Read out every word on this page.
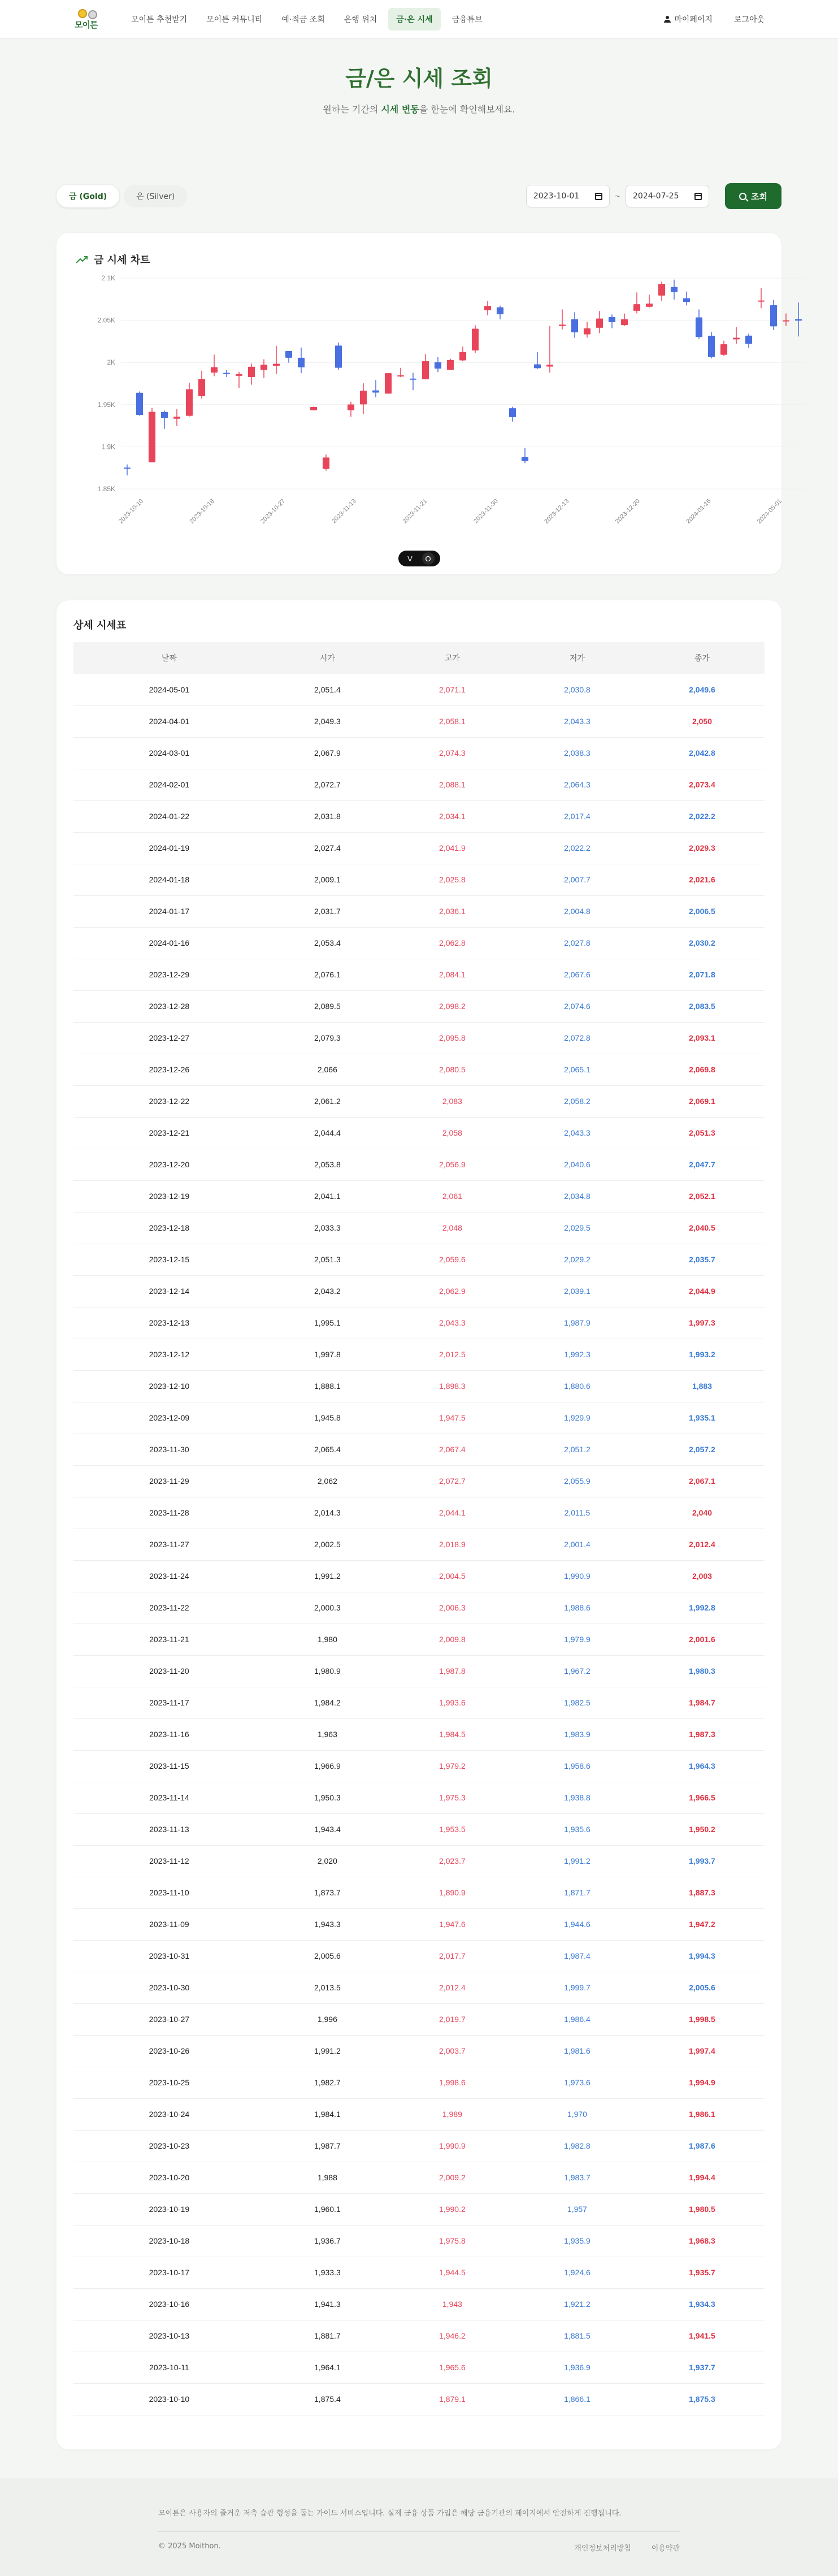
모이튼	모이튼 추천받기	모이튼 커뮤니티	예·적금 조회	은행 위치	금·은 시세	금융튜브	마이페이지	로그아웃
금/은 시세 조회

원하는 기간의 시세 변동을 한눈에 확인해보세요.

금 (Gold)	은 (Silver)	2023-10-01	~ 2024-07-25	조회
금 시세 차트
2.1K
2.05K
2K
1.95K
1.9K
1.85K
2023-10-10	2023-10-18	2023-10-27	2023-11-13	2023-11-21	2023-11-30	2023-12-13	2023-12-20	2024-01-16	2024-05-01
V	O
상세 시세표
날짜	시가	고가	저가	종가
2024-05-01	2,051.4	2,071.1	2,030.8	2,049.6
2024-04-01	2,049.3	2,058.1	2,043.3	2,050
2024-03-01	2,067.9	2,074.3	2,038.3	2,042.8
2024-02-01	2,072.7	2,088.1	2,064.3	2,073.4
2024-01-22	2,031.8	2,034.1	2,017.4	2,022.2
2024-01-19	2,027.4	2,041.9	2,022.2	2,029.3
2024-01-18	2,009.1	2,025.8	2,007.7	2,021.6
2024-01-17	2,031.7	2,036.1	2,004.8	2,006.5
2024-01-16	2,053.4	2,062.8	2,027.8	2,030.2
2023-12-29	2,076.1	2,084.1	2,067.6	2,071.8
2023-12-28	2,089.5	2,098.2	2,074.6	2,083.5
2023-12-27	2,079.3	2,095.8	2,072.8	2,093.1
2023-12-26	2,066	2,080.5	2,065.1	2,069.8
2023-12-22	2,061.2	2,083	2,058.2	2,069.1
2023-12-21	2,044.4	2,058	2,043.3	2,051.3
2023-12-20	2,053.8	2,056.9	2,040.6	2,047.7
2023-12-19	2,041.1	2,061	2,034.8	2,052.1
2023-12-18	2,033.3	2,048	2,029.5	2,040.5
2023-12-15	2,051.3	2,059.6	2,029.2	2,035.7
2023-12-14	2,043.2	2,062.9	2,039.1	2,044.9
2023-12-13	1,995.1	2,043.3	1,987.9	1,997.3
2023-12-12	1,997.8	2,012.5	1,992.3	1,993.2
2023-12-10	1,888.1	1,898.3	1,880.6	1,883
2023-12-09	1,945.8	1,947.5	1,929.9	1,935.1
2023-11-30	2,065.4	2,067.4	2,051.2	2,057.2
2023-11-29	2,062	2,072.7	2,055.9	2,067.1
2023-11-28	2,014.3	2,044.1	2,011.5	2,040
2023-11-27	2,002.5	2,018.9	2,001.4	2,012.4
2023-11-24	1,991.2	2,004.5	1,990.9	2,003
2023-11-22	2,000.3	2,006.3	1,988.6	1,992.8
2023-11-21	1,980	2,009.8	1,979.9	2,001.6
2023-11-20	1,980.9	1,987.8	1,967.2	1,980.3
2023-11-17	1,984.2	1,993.6	1,982.5	1,984.7
2023-11-16	1,963	1,984.5	1,983.9	1,987.3
2023-11-15	1,966.9	1,979.2	1,958.6	1,964.3
2023-11-14	1,950.3	1,975.3	1,938.8	1,966.5
2023-11-13	1,943.4	1,953.5	1,935.6	1,950.2
2023-11-12	2,020	2,023.7	1,991.2	1,993.7
2023-11-10	1,873.7	1,890.9	1,871.7	1,887.3
2023-11-09	1,943.3	1,947.6	1,944.6	1,947.2
2023-10-31	2,005.6	2,017.7	1,987.4	1,994.3
2023-10-30	2,013.5	2,012.4	1,999.7	2,005.6
2023-10-27	1,996	2,019.7	1,986.4	1,998.5
2023-10-26	1,991.2	2,003.7	1,981.6	1,997.4
2023-10-25	1,982.7	1,998.6	1,973.6	1,994.9
2023-10-24	1,984.1	1,989	1,970	1,986.1
2023-10-23	1,987.7	1,990.9	1,982.8	1,987.6
2023-10-20	1,988	2,009.2	1,983.7	1,994.4
2023-10-19	1,960.1	1,990.2	1,957	1,980.5
2023-10-18	1,936.7	1,975.8	1,935.9	1,968.3
2023-10-17	1,933.3	1,944.5	1,924.6	1,935.7
2023-10-16	1,941.3	1,943	1,921.2	1,934.3
2023-10-13	1,881.7	1,946.2	1,881.5	1,941.5
2023-10-11	1,964.1	1,965.6	1,936.9	1,937.7
2023-10-10	1,875.4	1,879.1	1,866.1	1,875.3
모이튼은 사용자의 즐거운 저축 습관 형성을 돕는 가이드 서비스입니다. 실제 금융 상품 가입은 해당 금융기관의 페이지에서 안전하게 진행됩니다.
© 2025 Moithon.	개인정보처리방침	이용약관
